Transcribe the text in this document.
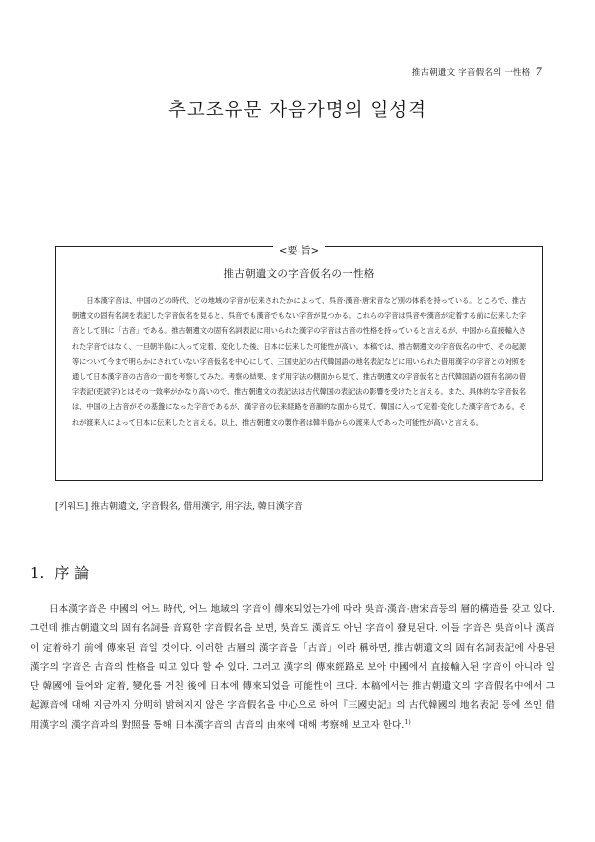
推古朝遺文 字音假名의 一性格 7
추고조유문 자음가명의 일성격
<要 旨>
推古朝遺文の字音仮名の一性格
日本漢字音は、中国のどの時代、どの地域の字音が伝来されたかによって、呉音·漢音·唐宋音など別の体系を持っている。ところで、推古朝遺文の固有名詞を表記した字音仮名を見ると、呉音でも漢音でもない字音が見つかる。これらの字音は呉音や漢音が定着する前に伝来した字音として別に「古音」である。推古朝遺文の固有名詞表記に用いられた漢字の字音は古音の性格を持っていると言えるが、中国から直接輸入された字音ではなく、一旦朝半島に入って定着、変化した後、日本に伝来した可能性が高い。本稿では、推古朝遺文の字音仮名の中で、その起源等について今まで明らかにされていない字音仮名を中心にして、三国史記の古代韓国語の地名表記などに用いられた借用漢字の字音との対照を通して日本漢字音の古音の一面を考察してみた。考察の結果、まず用字法の側面から見て、推古朝遺文の字音仮名と古代韓国語の固有名詞の借字表記(吏読字)とはその一致率がかなり高いので、推古朝遺文の表記法は古代韓国の表記法の影響を受けたと言える。また、具体的な字音仮名は、中国の上古音がその基盤になった字音であるが、漢字音の伝来経路を音韻的な面から見て、韓国に入って定着·変化した漢字音である。それが渡来人によって日本に伝来したと言える。以上、推古朝遺文の製作者は韓半島からの渡来人であった可能性が高いと言える。
[키워드] 推古朝遺文, 字音假名, 借用漢字, 用字法, 韓日漢字音
1. 序 論
日本漢字音은 中國의 어느 時代, 어느 地域의 字音이 傳來되었는가에 따라 吳音·漢音·唐宋音등의 層的構造를 갖고 있다. 그런데 推古朝遺文의 固有名詞를 音寫한 字音假名을 보면, 吳音도 漢音도 아닌 字音이 發見된다. 이들 字音은 吳音이나 漢音이 定着하기 前에 傳來된 音일 것이다. 이러한 古層의 漢字音을「古音」이라 稱하면, 推古朝遺文의 固有名詞表記에 사용된 漢字의 字音은 古音의 性格을 띠고 있다 할 수 있다. 그러고 漢字의 傳來經路로 보아 中國에서 直接輸入된 字音이 아니라 일단 韓國에 들어와 定着, 變化를 거친 後에 日本에 傳來되었을 可能性이 크다. 本稿에서는 推古朝遺文의 字音假名中에서 그 起源音에 대해 지금까지 分明히 밝혀지지 않은 字音假名을 中心으로 하여『三國史記』의 古代韓國의 地名表記 등에 쓰인 借用漢字의 漢字音과의 對照를 통해 日本漢字音의 古音의 由來에 대해 考察해 보고자 한다.$^{1)}$
